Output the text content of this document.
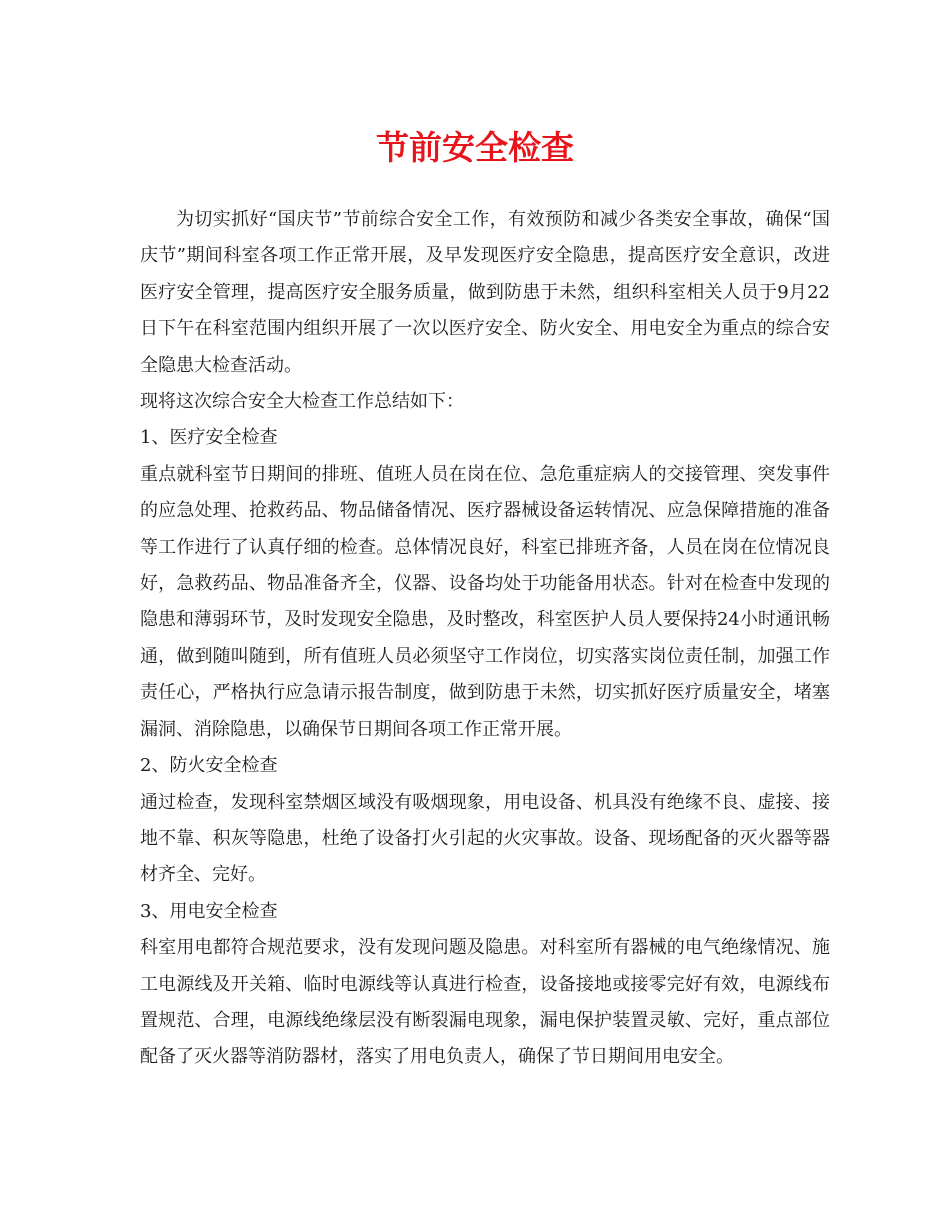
节前安全检查

为切实抓好“国庆节”节前综合安全工作，有效预防和减少各类安全事故，确保“国庆节”期间科室各项工作正常开展，及早发现医疗安全隐患，提高医疗安全意识，改进医疗安全管理，提高医疗安全服务质量，做到防患于未然，组织科室相关人员于9月22日下午在科室范围内组织开展了一次以医疗安全、防火安全、用电安全为重点的综合安全隐患大检查活动。

现将这次综合安全大检查工作总结如下：

1、医疗安全检查

重点就科室节日期间的排班、值班人员在岗在位、急危重症病人的交接管理、突发事件的应急处理、抢救药品、物品储备情况、医疗器械设备运转情况、应急保障措施的准备等工作进行了认真仔细的检查。总体情况良好，科室已排班齐备，人员在岗在位情况良好，急救药品、物品准备齐全，仪器、设备均处于功能备用状态。针对在检查中发现的隐患和薄弱环节，及时发现安全隐患，及时整改，科室医护人员人要保持24小时通讯畅通，做到随叫随到，所有值班人员必须坚守工作岗位，切实落实岗位责任制，加强工作责任心，严格执行应急请示报告制度，做到防患于未然，切实抓好医疗质量安全，堵塞漏洞、消除隐患，以确保节日期间各项工作正常开展。

2、防火安全检查

通过检查，发现科室禁烟区域没有吸烟现象，用电设备、机具没有绝缘不良、虚接、接地不靠、积灰等隐患，杜绝了设备打火引起的火灾事故。设备、现场配备的灭火器等器材齐全、完好。

3、用电安全检查

科室用电都符合规范要求，没有发现问题及隐患。对科室所有器械的电气绝缘情况、施工电源线及开关箱、临时电源线等认真进行检查，设备接地或接零完好有效，电源线布置规范、合理，电源线绝缘层没有断裂漏电现象，漏电保护装置灵敏、完好，重点部位配备了灭火器等消防器材，落实了用电负责人，确保了节日期间用电安全。
